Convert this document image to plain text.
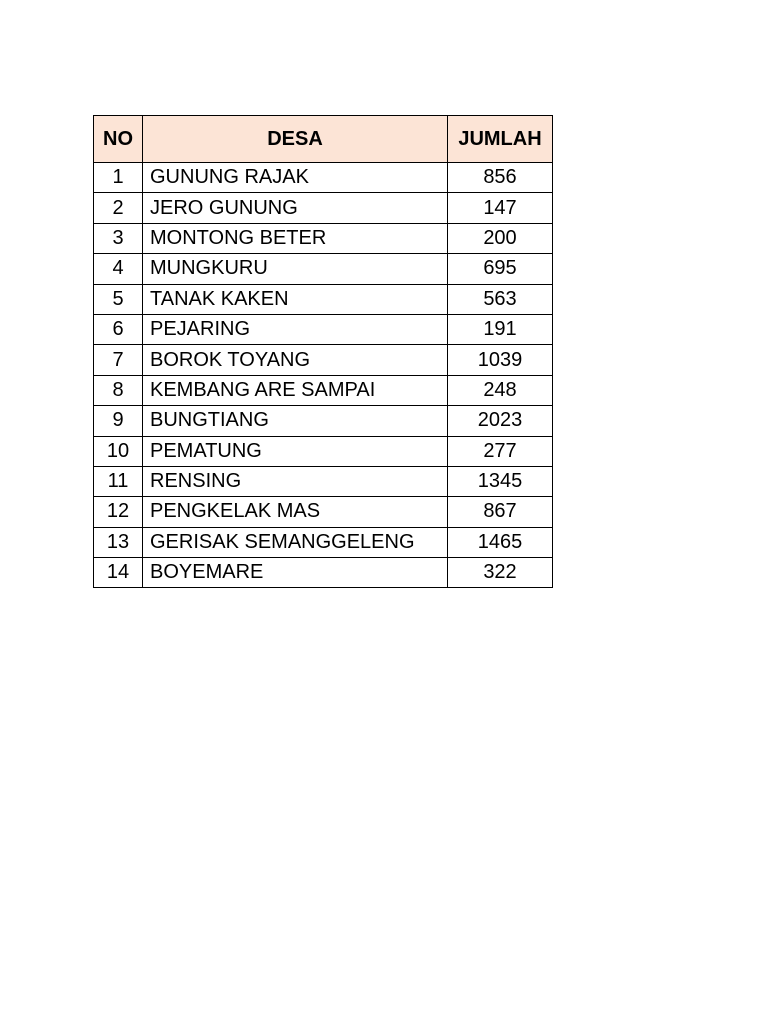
NO	DESA	JUMLAH
1	GUNUNG RAJAK	856
2	JERO GUNUNG	147
3	MONTONG BETER	200
4	MUNGKURU	695
5	TANAK KAKEN	563
6	PEJARING	191
7	BOROK TOYANG	1039
8	KEMBANG ARE SAMPAI	248
9	BUNGTIANG	2023
10	PEMATUNG	277
11	RENSING	1345
12	PENGKELAK MAS	867
13	GERISAK SEMANGGELENG	1465
14	BOYEMARE	322
